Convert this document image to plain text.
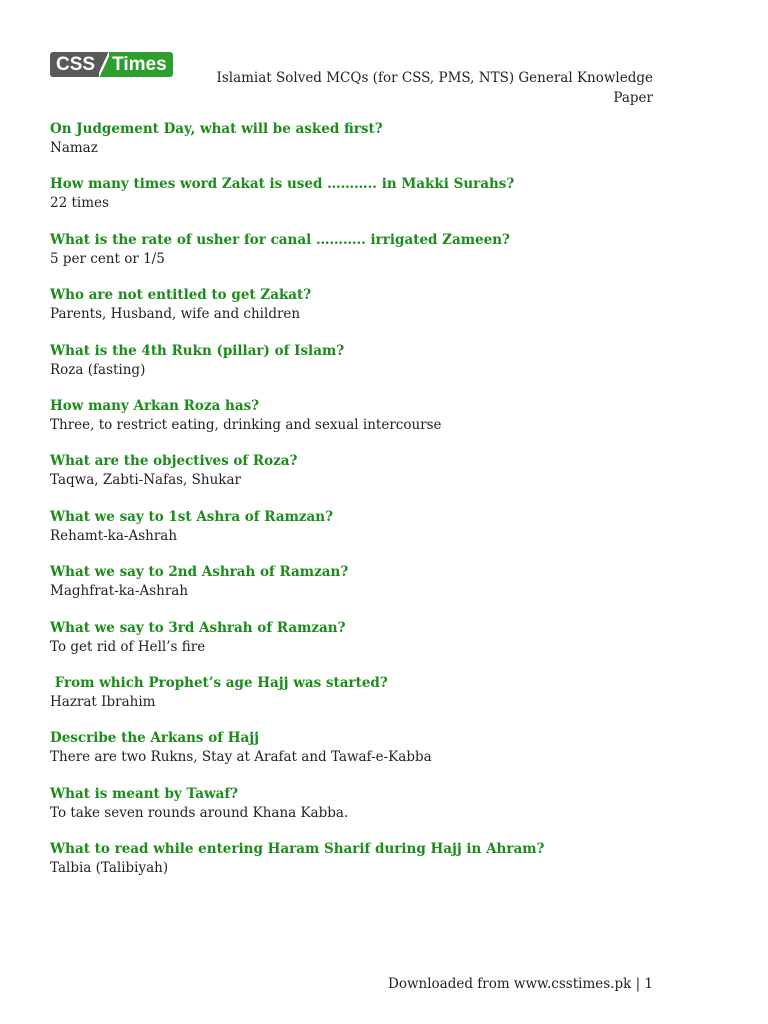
CSS Times
Islamiat Solved MCQs (for CSS, PMS, NTS) General Knowledge Paper
On Judgement Day, what will be asked first?
Namaz
How many times word Zakat is used ……….. in Makki Surahs?
22 times
What is the rate of usher for canal ……….. irrigated Zameen?
5 per cent or 1/5
Who are not entitled to get Zakat?
Parents, Husband, wife and children
What is the 4th Rukn (pillar) of Islam?
Roza (fasting)
How many Arkan Roza has?
Three, to restrict eating, drinking and sexual intercourse
What are the objectives of Roza?
Taqwa, Zabti-Nafas, Shukar
What we say to 1st Ashra of Ramzan?
Rehamt-ka-Ashrah
What we say to 2nd Ashrah of Ramzan?
Maghfrat-ka-Ashrah
What we say to 3rd Ashrah of Ramzan?
To get rid of Hell’s fire
From which Prophet’s age Hajj was started?
Hazrat Ibrahim
Describe the Arkans of Hajj
There are two Rukns, Stay at Arafat and Tawaf-e-Kabba
What is meant by Tawaf?
To take seven rounds around Khana Kabba.
What to read while entering Haram Sharif during Hajj in Ahram?
Talbia (Talibiyah)
Downloaded from www.csstimes.pk | 1
